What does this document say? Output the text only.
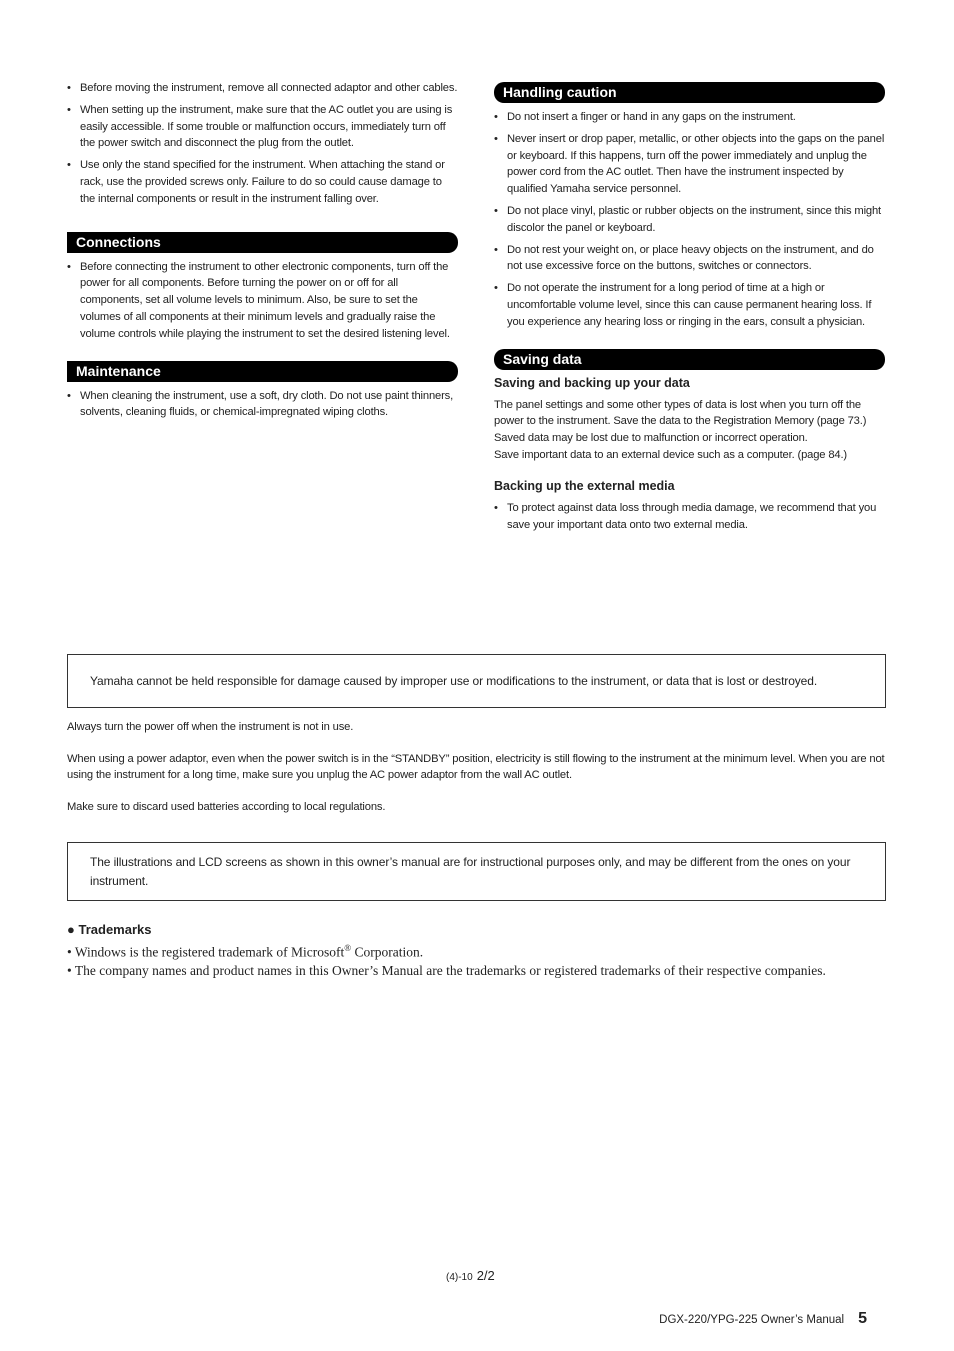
• Before moving the instrument, remove all connected adaptor and other cables.
• When setting up the instrument, make sure that the AC outlet you are using is easily accessible. If some trouble or malfunction occurs, immediately turn off the power switch and disconnect the plug from the outlet.
• Use only the stand specified for the instrument. When attaching the stand or rack, use the provided screws only. Failure to do so could cause damage to the internal components or result in the instrument falling over.
Connections
• Before connecting the instrument to other electronic components, turn off the power for all components. Before turning the power on or off for all components, set all volume levels to minimum. Also, be sure to set the volumes of all components at their minimum levels and gradually raise the volume controls while playing the instrument to set the desired listening level.
Maintenance
• When cleaning the instrument, use a soft, dry cloth. Do not use paint thinners, solvents, cleaning fluids, or chemical-impregnated wiping cloths.
Handling caution
• Do not insert a finger or hand in any gaps on the instrument.
• Never insert or drop paper, metallic, or other objects into the gaps on the panel or keyboard. If this happens, turn off the power immediately and unplug the power cord from the AC outlet. Then have the instrument inspected by qualified Yamaha service personnel.
• Do not place vinyl, plastic or rubber objects on the instrument, since this might discolor the panel or keyboard.
• Do not rest your weight on, or place heavy objects on the instrument, and do not use excessive force on the buttons, switches or connectors.
• Do not operate the instrument for a long period of time at a high or uncomfortable volume level, since this can cause permanent hearing loss. If you experience any hearing loss or ringing in the ears, consult a physician.
Saving data
Saving and backing up your data

The panel settings and some other types of data is lost when you turn off the power to the instrument. Save the data to the Registration Memory (page 73.)

Saved data may be lost due to malfunction or incorrect operation.

Save important data to an external device such as a computer. (page 84.)

Backing up the external media
• To protect against data loss through media damage, we recommend that you save your important data onto two external media.
Yamaha cannot be held responsible for damage caused by improper use or modifications to the instrument, or data that is lost or destroyed.
Always turn the power off when the instrument is not in use.
When using a power adaptor, even when the power switch is in the “STANDBY” position, electricity is still flowing to the instrument at the minimum level. When you are not using the instrument for a long time, make sure you unplug the AC power adaptor from the wall AC outlet.
Make sure to discard used batteries according to local regulations.
The illustrations and LCD screens as shown in this owner’s manual are for instructional purposes only, and may be different from the ones on your instrument.
● Trademarks
• Windows is the registered trademark of Microsoft® Corporation.
• The company names and product names in this Owner’s Manual are the trademarks or registered trademarks of their respective companies.
(4)-10 2/2
DGX-220/YPG-225 Owner’s Manual 5
